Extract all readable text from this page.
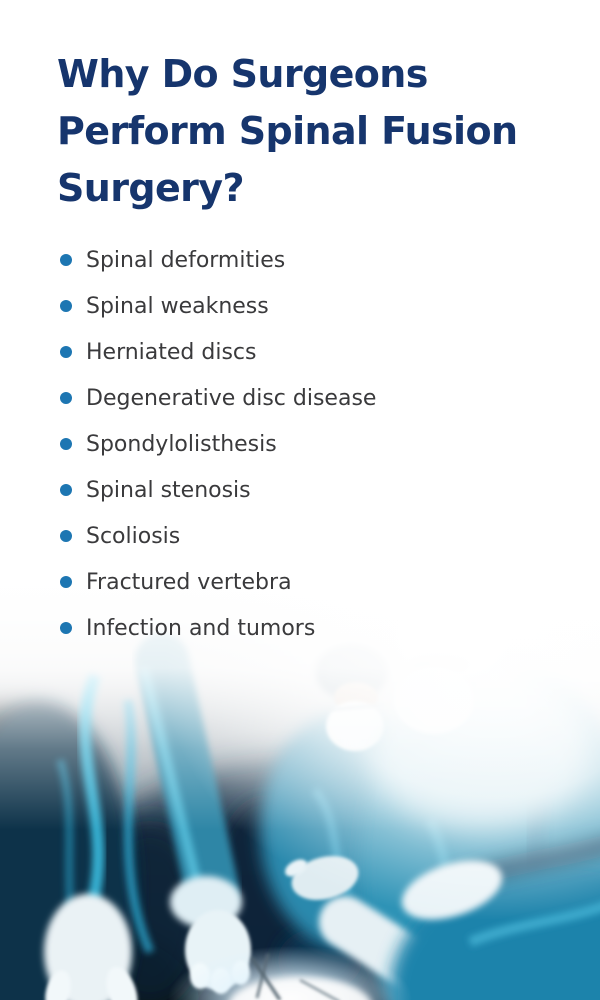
Why Do Surgeons
Perform Spinal Fusion
Surgery?
Spinal deformities
Spinal weakness
Herniated discs
Degenerative disc disease
Spondylolisthesis
Spinal stenosis
Scoliosis
Fractured vertebra
Infection and tumors
